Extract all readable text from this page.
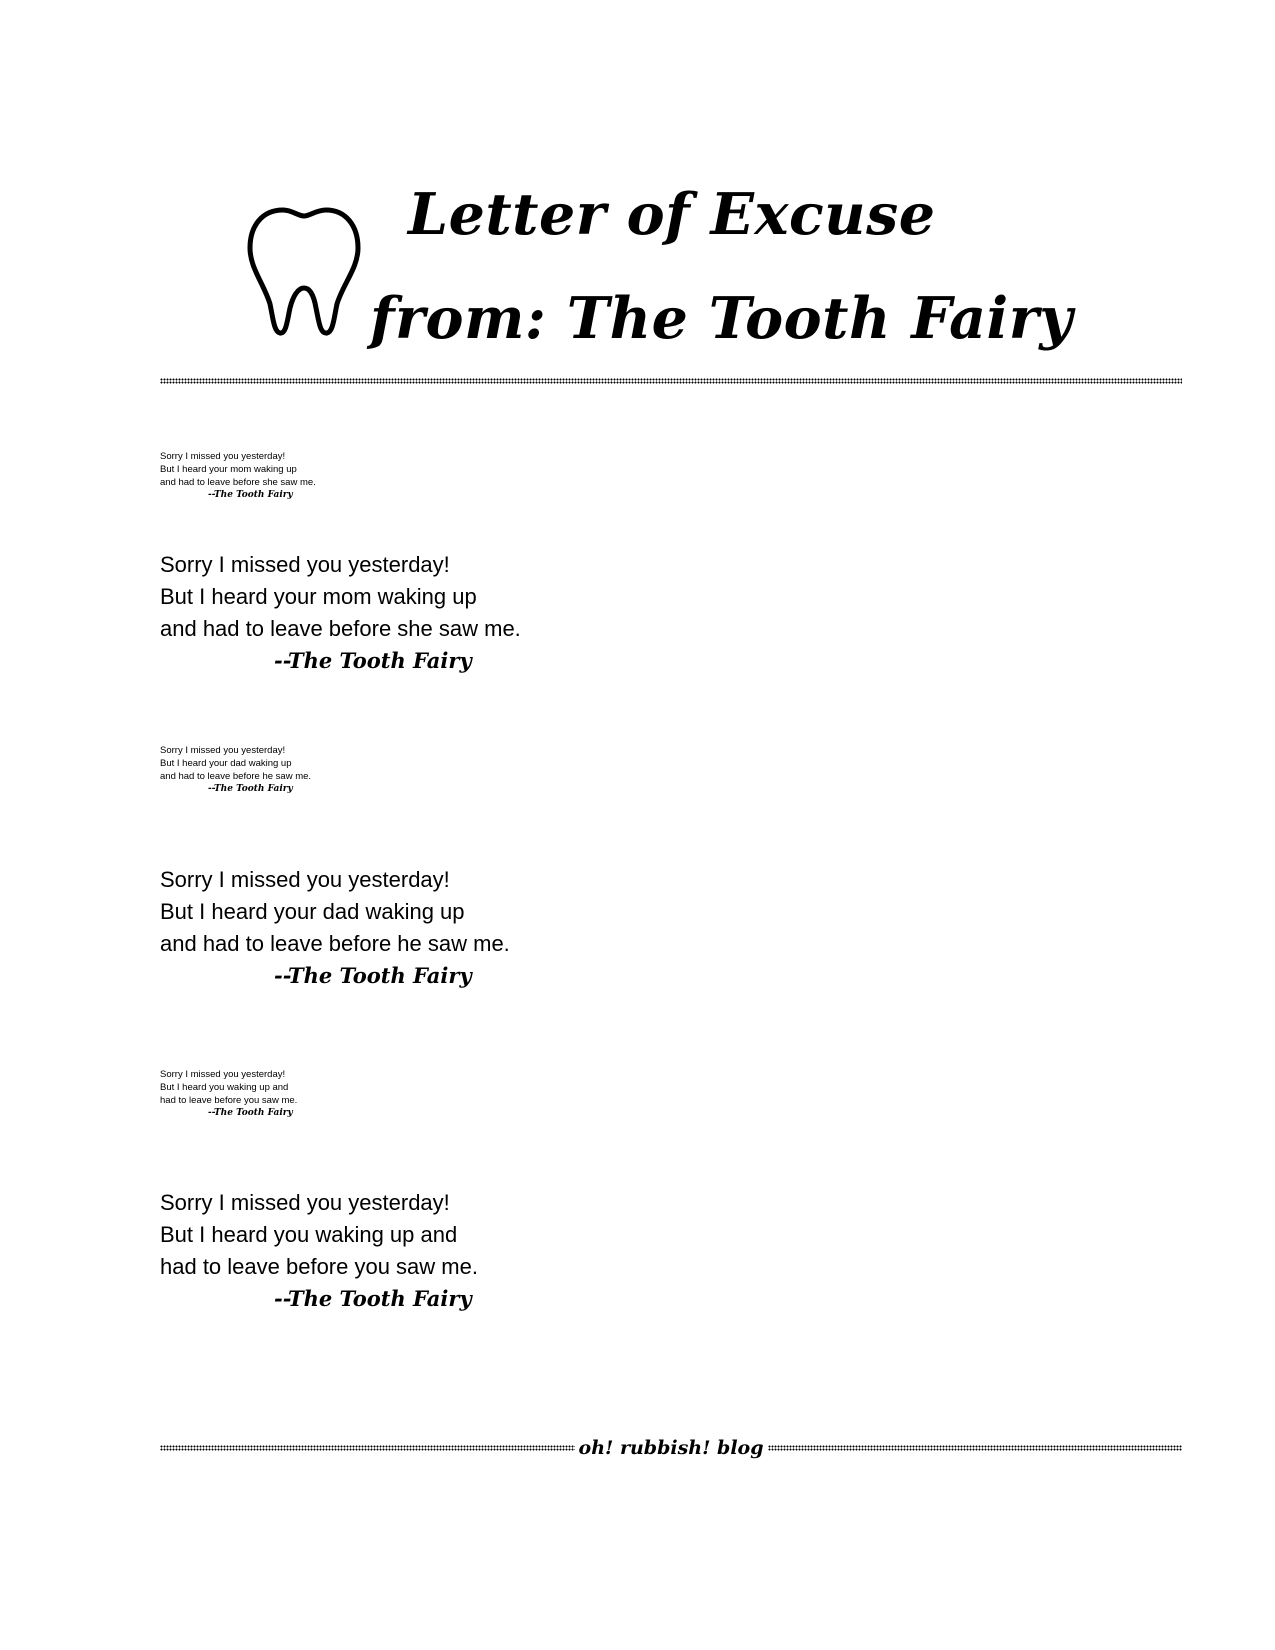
Letter of Excuse
from: The Tooth Fairy

Sorry I missed you yesterday!

But I heard your mom waking up

and had to leave before she saw me.

--The Tooth Fairy

Sorry I missed you yesterday!

But I heard your mom waking up

and had to leave before she saw me.

--The Tooth Fairy

Sorry I missed you yesterday!

But I heard your dad waking up

and had to leave before he saw me.

--The Tooth Fairy

Sorry I missed you yesterday!

But I heard your dad waking up

and had to leave before he saw me.

--The Tooth Fairy

Sorry I missed you yesterday!

But I heard you waking up and

had to leave before you saw me.

--The Tooth Fairy

Sorry I missed you yesterday!

But I heard you waking up and

had to leave before you saw me.

--The Tooth Fairy

oh! rubbish! blog
